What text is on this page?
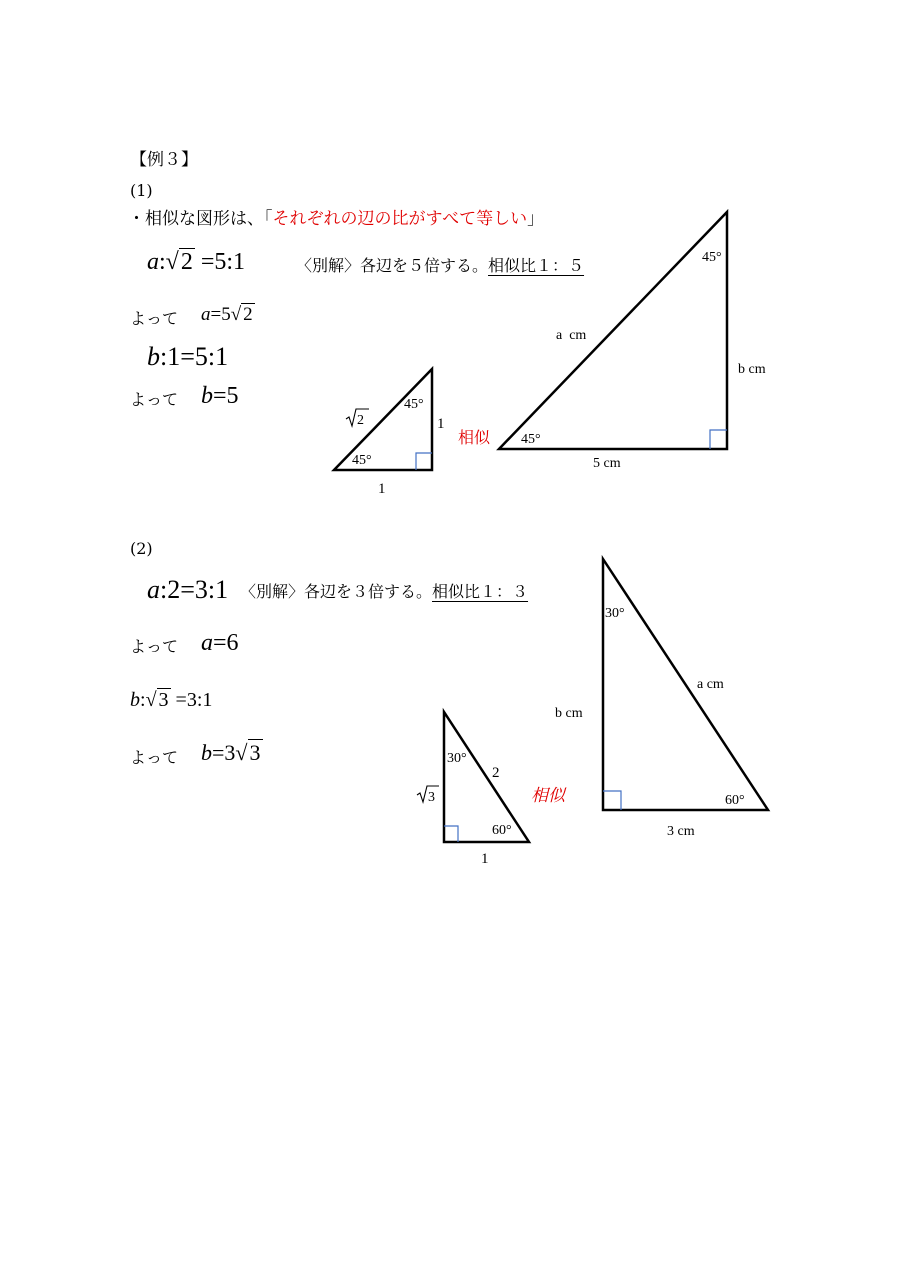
【例３】
(1)
・相似な図形は、「それぞれの辺の比がすべて等しい」
a:√2 =5:1	〈別解〉各辺を５倍する。相似比１：５
よって a=5√ 2
b:1=5:1
よって b=5	45°
45°
1
1
2
相似
45°
45°
a  cm
b cm
5 cm
(2)
a:2=3:1 〈別解〉各辺を３倍する。相似比１：３
よって a=6
b:√ 3 =3:1
よって b=3√3	30°
60°
2
1
3	相似
30°
60°
a cm
b cm
3 cm
